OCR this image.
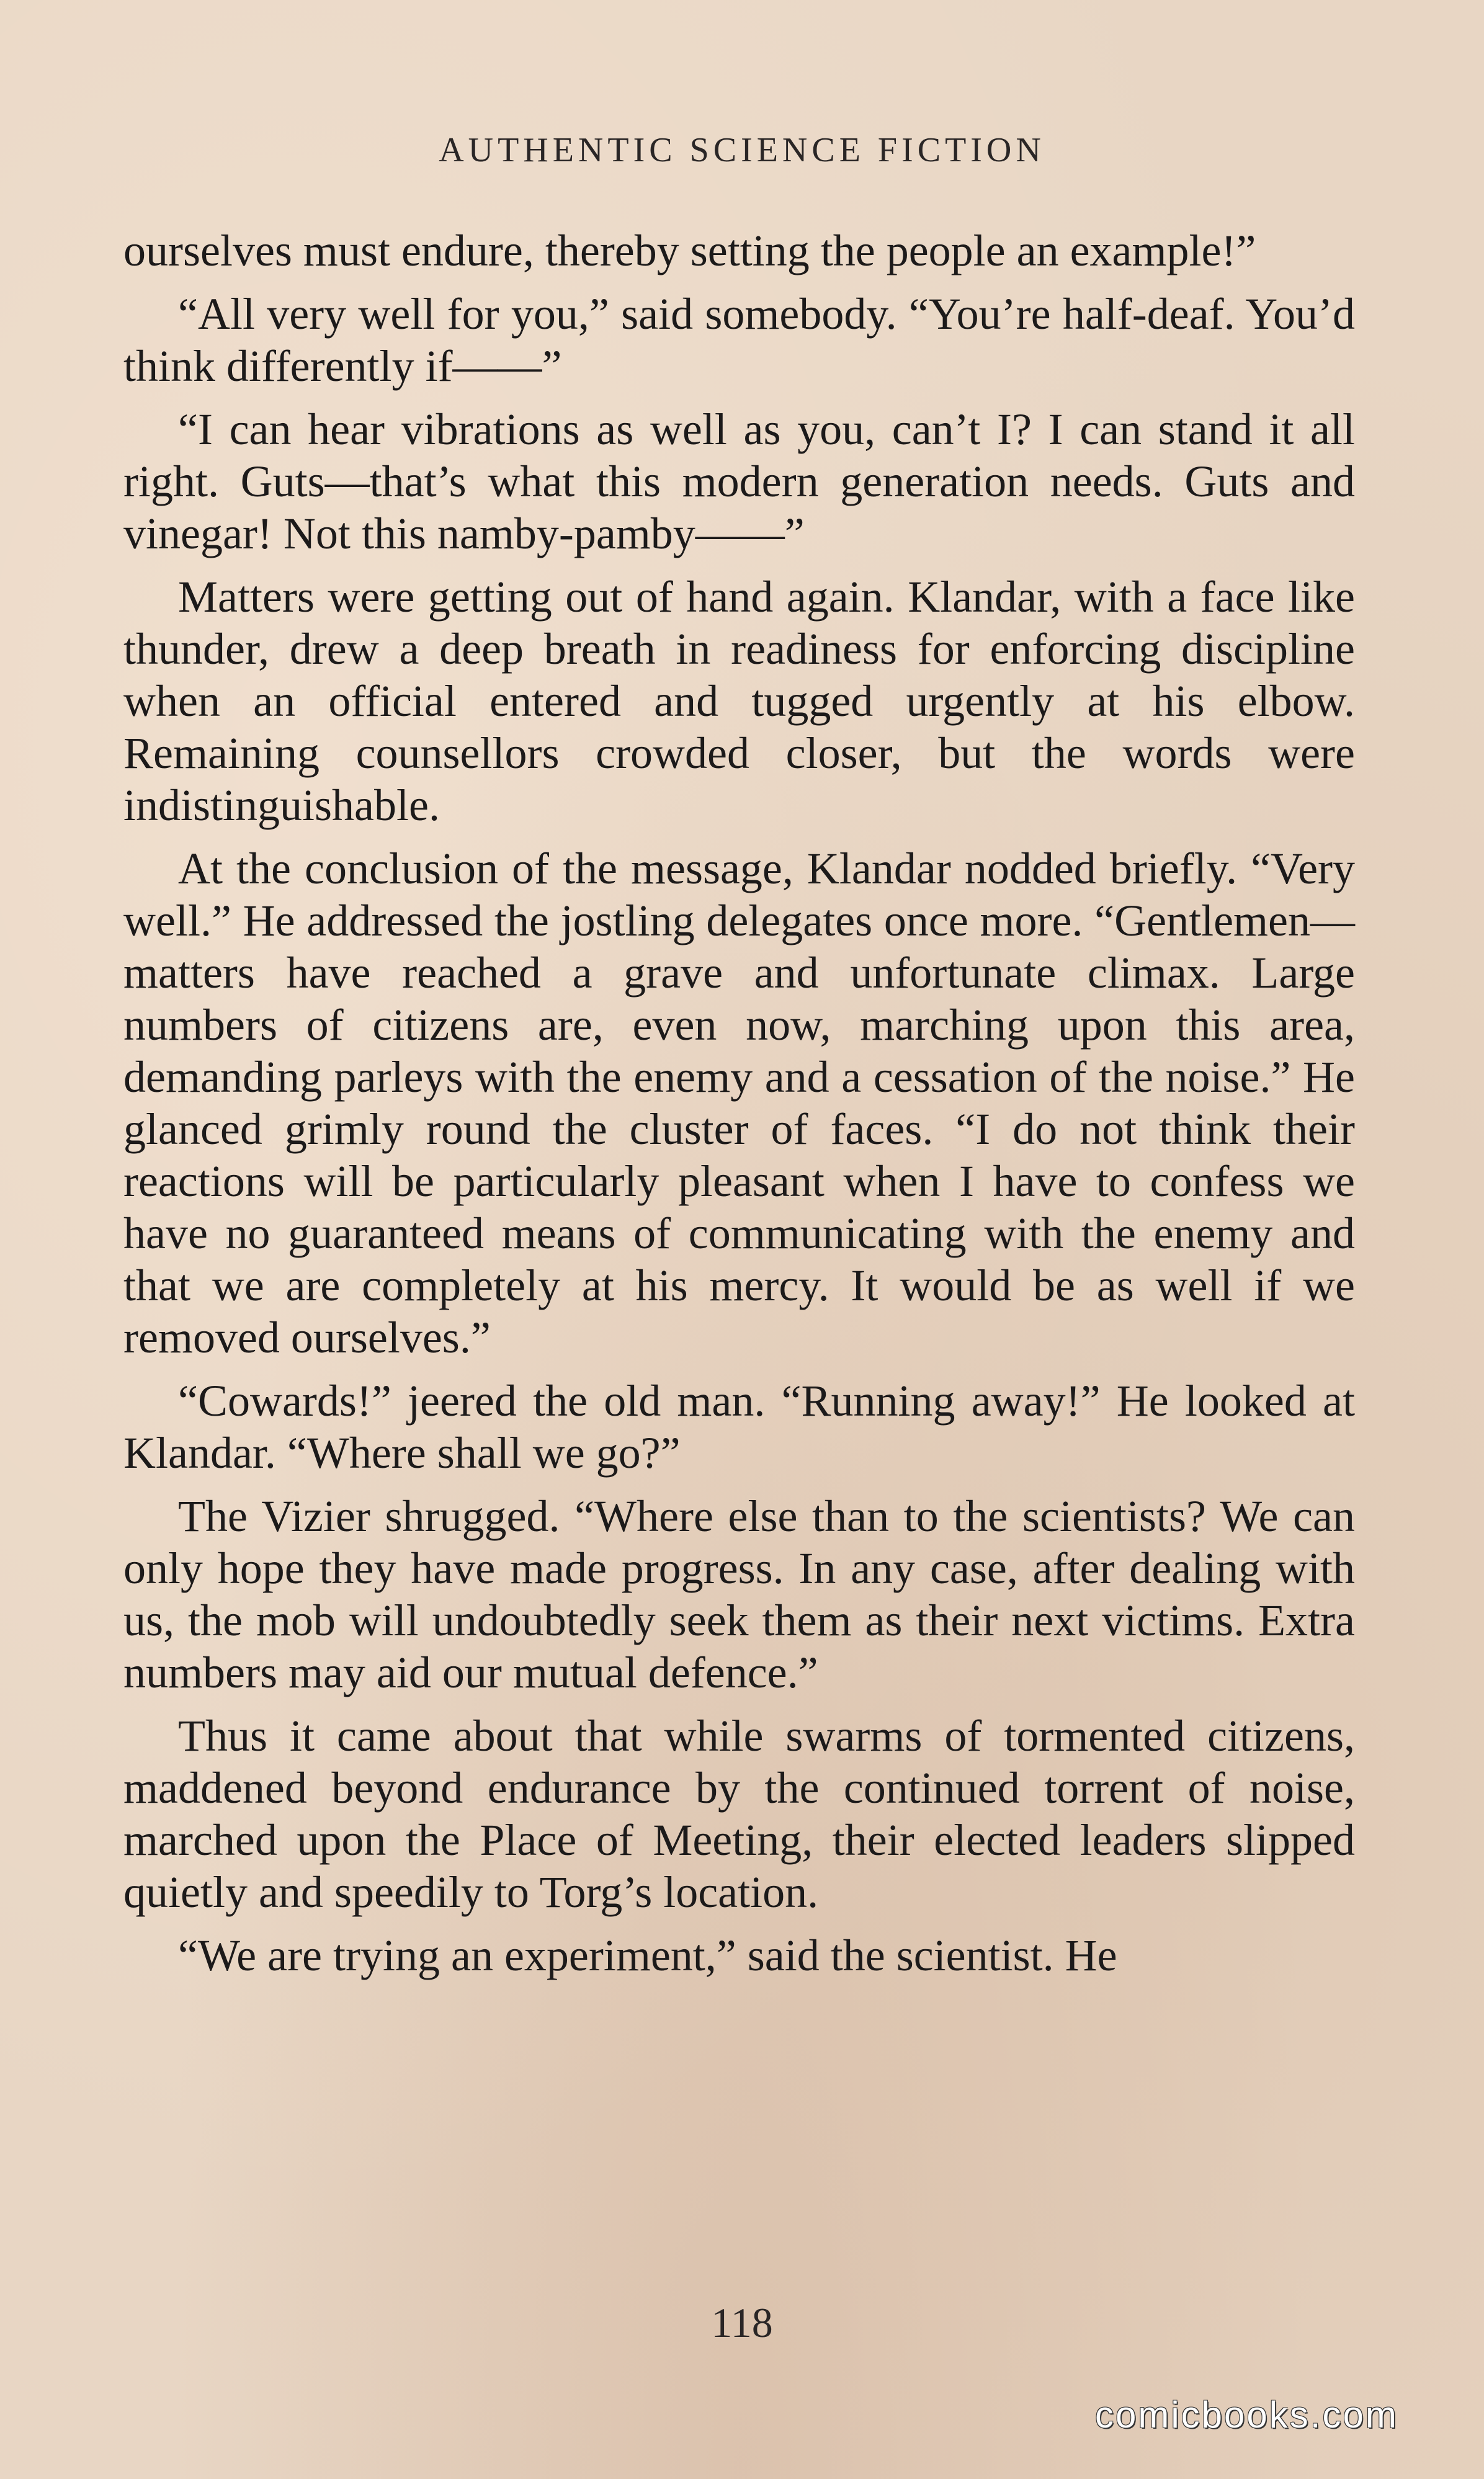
AUTHENTIC SCIENCE FICTION

ourselves must endure, thereby setting the people an example!”

“All very well for you,” said somebody. “You’re half-deaf. You’d think differently if——”

“I can hear vibrations as well as you, can’t I? I can stand it all right. Guts—that’s what this modern generation needs. Guts and vinegar! Not this namby-pamby——”

Matters were getting out of hand again. Klandar, with a face like thunder, drew a deep breath in readiness for enforcing discipline when an official entered and tugged urgently at his elbow. Remaining counsellors crowded closer, but the words were indistinguishable.

At the conclusion of the message, Klandar nodded briefly. “Very well.” He addressed the jostling delegates once more. “Gentlemen—matters have reached a grave and unfortunate climax. Large numbers of citizens are, even now, marching upon this area, demanding parleys with the enemy and a cessation of the noise.” He glanced grimly round the cluster of faces. “I do not think their reactions will be particularly pleasant when I have to confess we have no guaranteed means of communicating with the enemy and that we are completely at his mercy. It would be as well if we removed ourselves.”

“Cowards!” jeered the old man. “Running away!” He looked at Klandar. “Where shall we go?”

The Vizier shrugged. “Where else than to the scientists? We can only hope they have made progress. In any case, after dealing with us, the mob will undoubtedly seek them as their next victims. Extra numbers may aid our mutual defence.”

Thus it came about that while swarms of tormented citizens, maddened beyond endurance by the continued torrent of noise, marched upon the Place of Meeting, their elected leaders slipped quietly and speedily to Torg’s location.

“We are trying an experiment,” said the scientist. He

118
comicbooks.com
